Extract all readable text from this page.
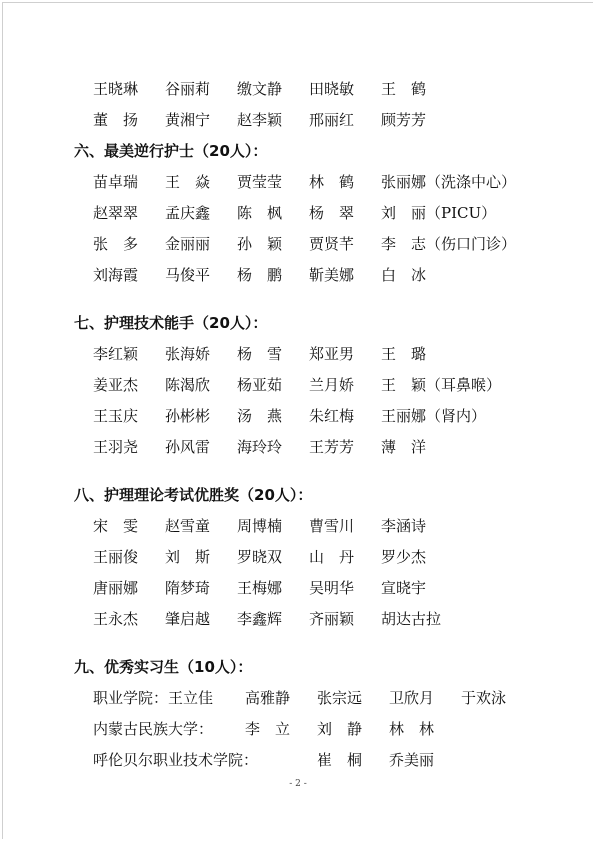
王晓琳 谷丽莉 缴文静 田晓敏 王　鹤
董　扬 黄湘宁 赵李颖 邢丽红 顾芳芳
六、最美逆行护士（20人）：
苗卓瑞 王　焱 贾莹莹 林　鹤 张丽娜（洗涤中心）
赵翠翠 孟庆鑫 陈　枫 杨　翠 刘　丽（PICU）
张　多 金丽丽 孙　颖 贾贤芊 李　志（伤口门诊）
刘海霞 马俊平 杨　鹏 靳美娜 白　冰
七、护理技术能手（20人）：
李红颖 张海娇 杨　雪 郑亚男 王　璐
姜亚杰 陈渴欣 杨亚茹 兰月娇 王　颖（耳鼻喉）
王玉庆 孙彬彬 汤　燕 朱红梅 王丽娜（肾内）
王羽尧 孙风雷 海玲玲 王芳芳 薄　洋
八、护理理论考试优胜奖（20人）：
宋　雯 赵雪童 周博楠 曹雪川 李涵诗
王丽俊 刘　斯 罗晓双 山　丹 罗少杰
唐丽娜 隋梦琦 王梅娜 吴明华 宣晓宇
王永杰 肇启越 李鑫辉 齐丽颖 胡达古拉
九、优秀实习生（10人）：
职业学院：王立佳 高雅静 张宗远 卫欣月 于欢泳
内蒙古民族大学： 李　立 刘　静 林　林
呼伦贝尔职业技术学院：	崔　桐 乔美丽
- 2 -
